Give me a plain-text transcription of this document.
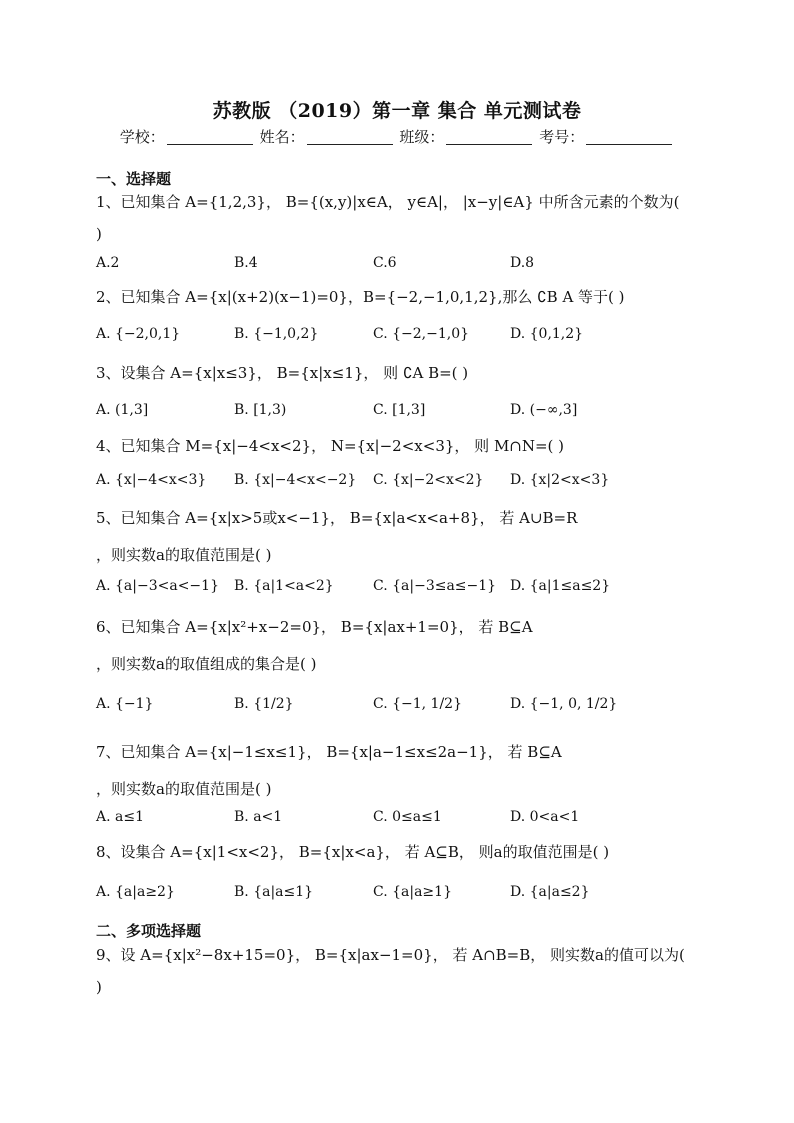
苏教版 （2019）第一章 集合 单元测试卷
学校：	姓名：	班级：	考号：
一、选择题
1、已知集合 A={1,2,3}， B={(x,y)|x∈A， y∈A|， |x−y|∈A} 中所含元素的个数为(
)
A.2	B.4	C.6	D.8
2、已知集合 A={x|(x+2)(x−1)=0}，B={−2,−1,0,1,2},那么 ∁B A 等于( )
A. {−2,0,1}	B. {−1,0,2}	C. {−2,−1,0}	D. {0,1,2}
3、设集合 A={x|x≤3}， B={x|x≤1}， 则 ∁A B=( )
A. (1,3]	B. [1,3)	C. [1,3]	D. (−∞,3]
4、已知集合 M={x|−4<x<2}， N={x|−2<x<3}， 则 M∩N=( )
A. {x|−4<x<3} B. {x|−4<x<−2} C. {x|−2<x<2} D. {x|2<x<3}
5、已知集合 A={x|x>5或x<−1}， B={x|a<x<a+8}， 若 A∪B=R
，则实数a的取值范围是( )
A. {a|−3<a<−1} B. {a|1<a<2}	C. {a|−3≤a≤−1} D. {a|1≤a≤2}
6、已知集合 A={x|x²+x−2=0}， B={x|ax+1=0}， 若 B⊆A
，则实数a的取值组成的集合是( )
A. {−1}	B. {1/2}	C. {−1, 1/2}	D. {−1, 0, 1/2}
7、已知集合 A={x|−1≤x≤1}， B={x|a−1≤x≤2a−1}， 若 B⊆A
，则实数a的取值范围是( )
A. a≤1	B. a<1	C. 0≤a≤1	D. 0<a<1
8、设集合 A={x|1<x<2}， B={x|x<a}， 若 A⊆B， 则a的取值范围是( )
A. {a|a≥2}	B. {a|a≤1}	C. {a|a≥1}	D. {a|a≤2}
二、多项选择题
9、设 A={x|x²−8x+15=0}， B={x|ax−1=0}， 若 A∩B=B， 则实数a的值可以为(
)
